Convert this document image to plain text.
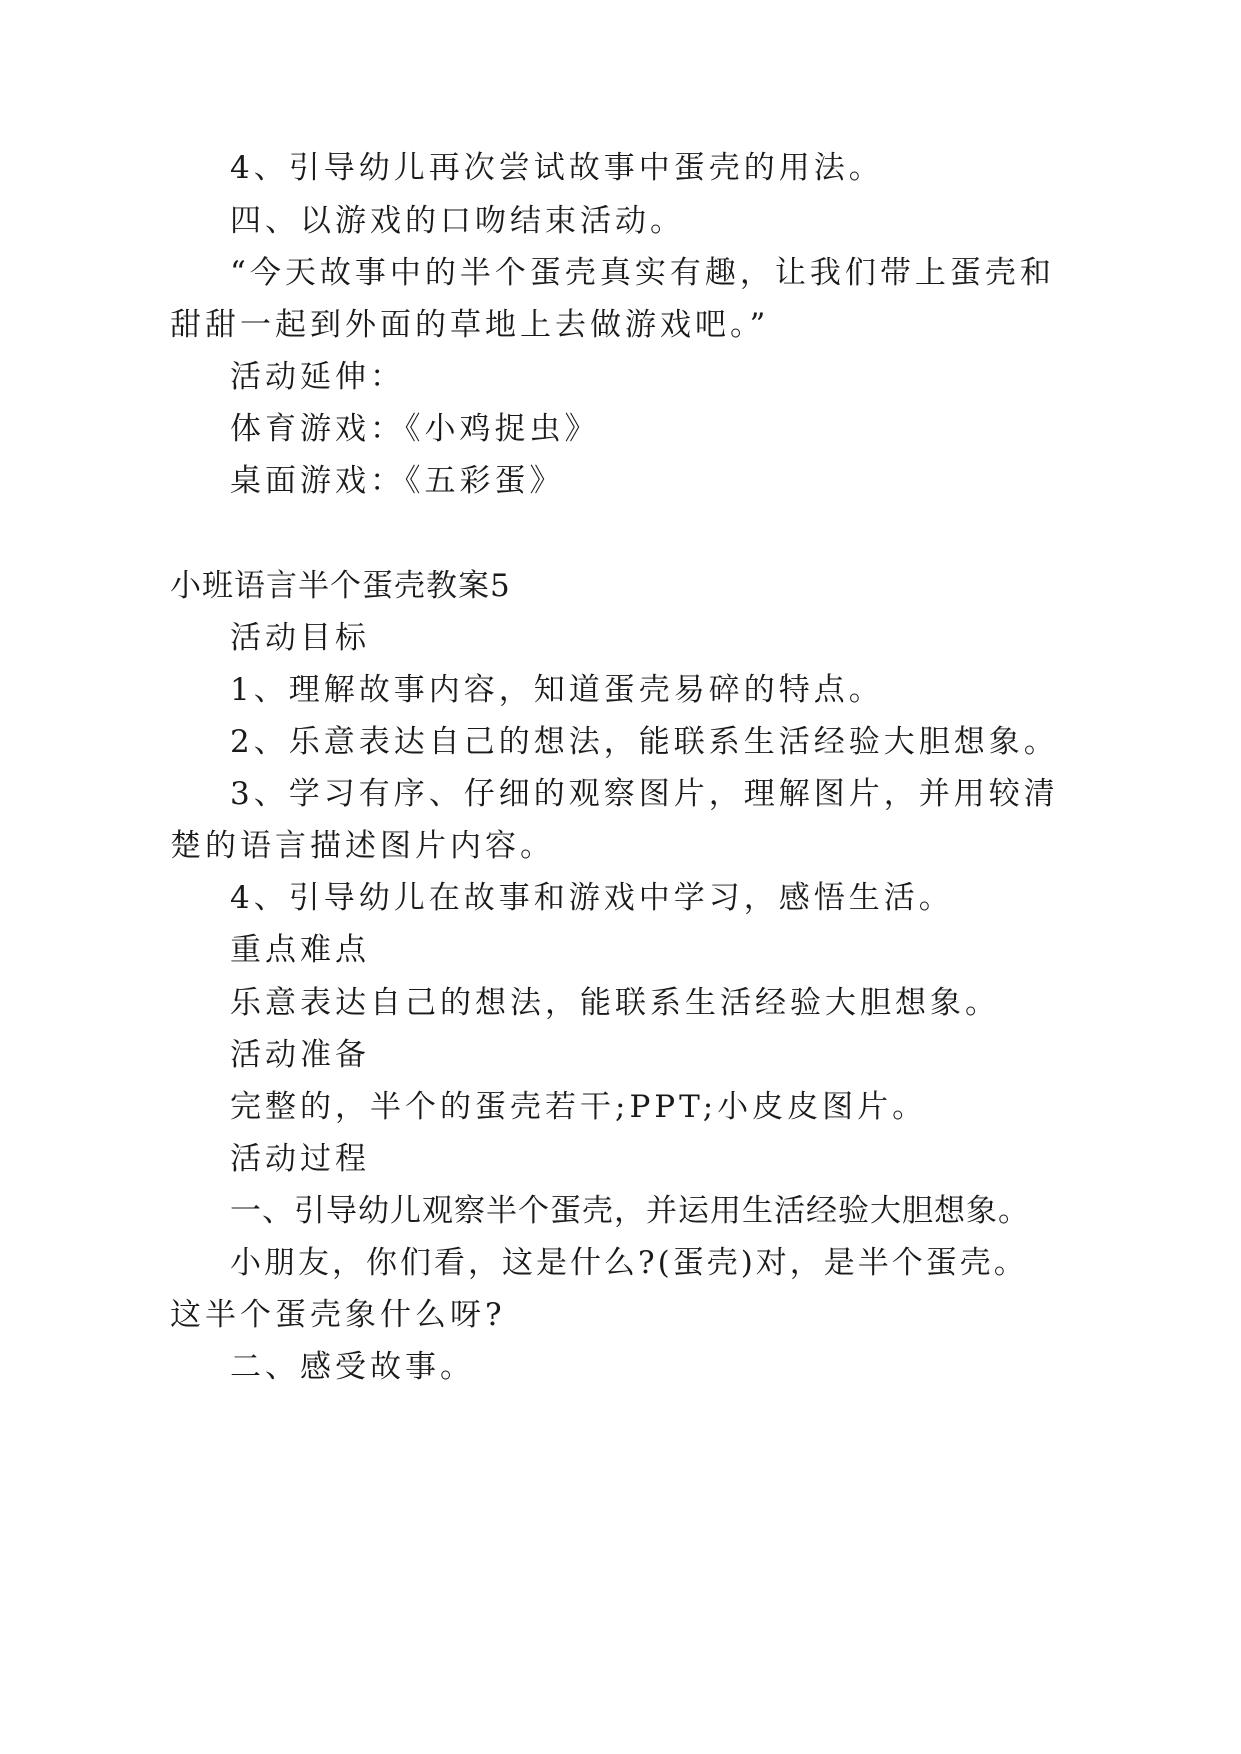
4、引导幼儿再次尝试故事中蛋壳的用法。
四、以游戏的口吻结束活动。
“今天故事中的半个蛋壳真实有趣，让我们带上蛋壳和
甜甜一起到外面的草地上去做游戏吧。”
活动延伸：
体育游戏：《小鸡捉虫》
桌面游戏：《五彩蛋》
小班语言半个蛋壳教案5
活动目标
1、理解故事内容，知道蛋壳易碎的特点。
2、乐意表达自己的想法，能联系生活经验大胆想象。
3、学习有序、仔细的观察图片，理解图片，并用较清
楚的语言描述图片内容。
4、引导幼儿在故事和游戏中学习，感悟生活。
重点难点
乐意表达自己的想法，能联系生活经验大胆想象。
活动准备
完整的，半个的蛋壳若干;PPT;小皮皮图片。
活动过程
一、引导幼儿观察半个蛋壳，并运用生活经验大胆想象。
小朋友，你们看，这是什么?(蛋壳)对，是半个蛋壳。
这半个蛋壳象什么呀?
二、感受故事。
